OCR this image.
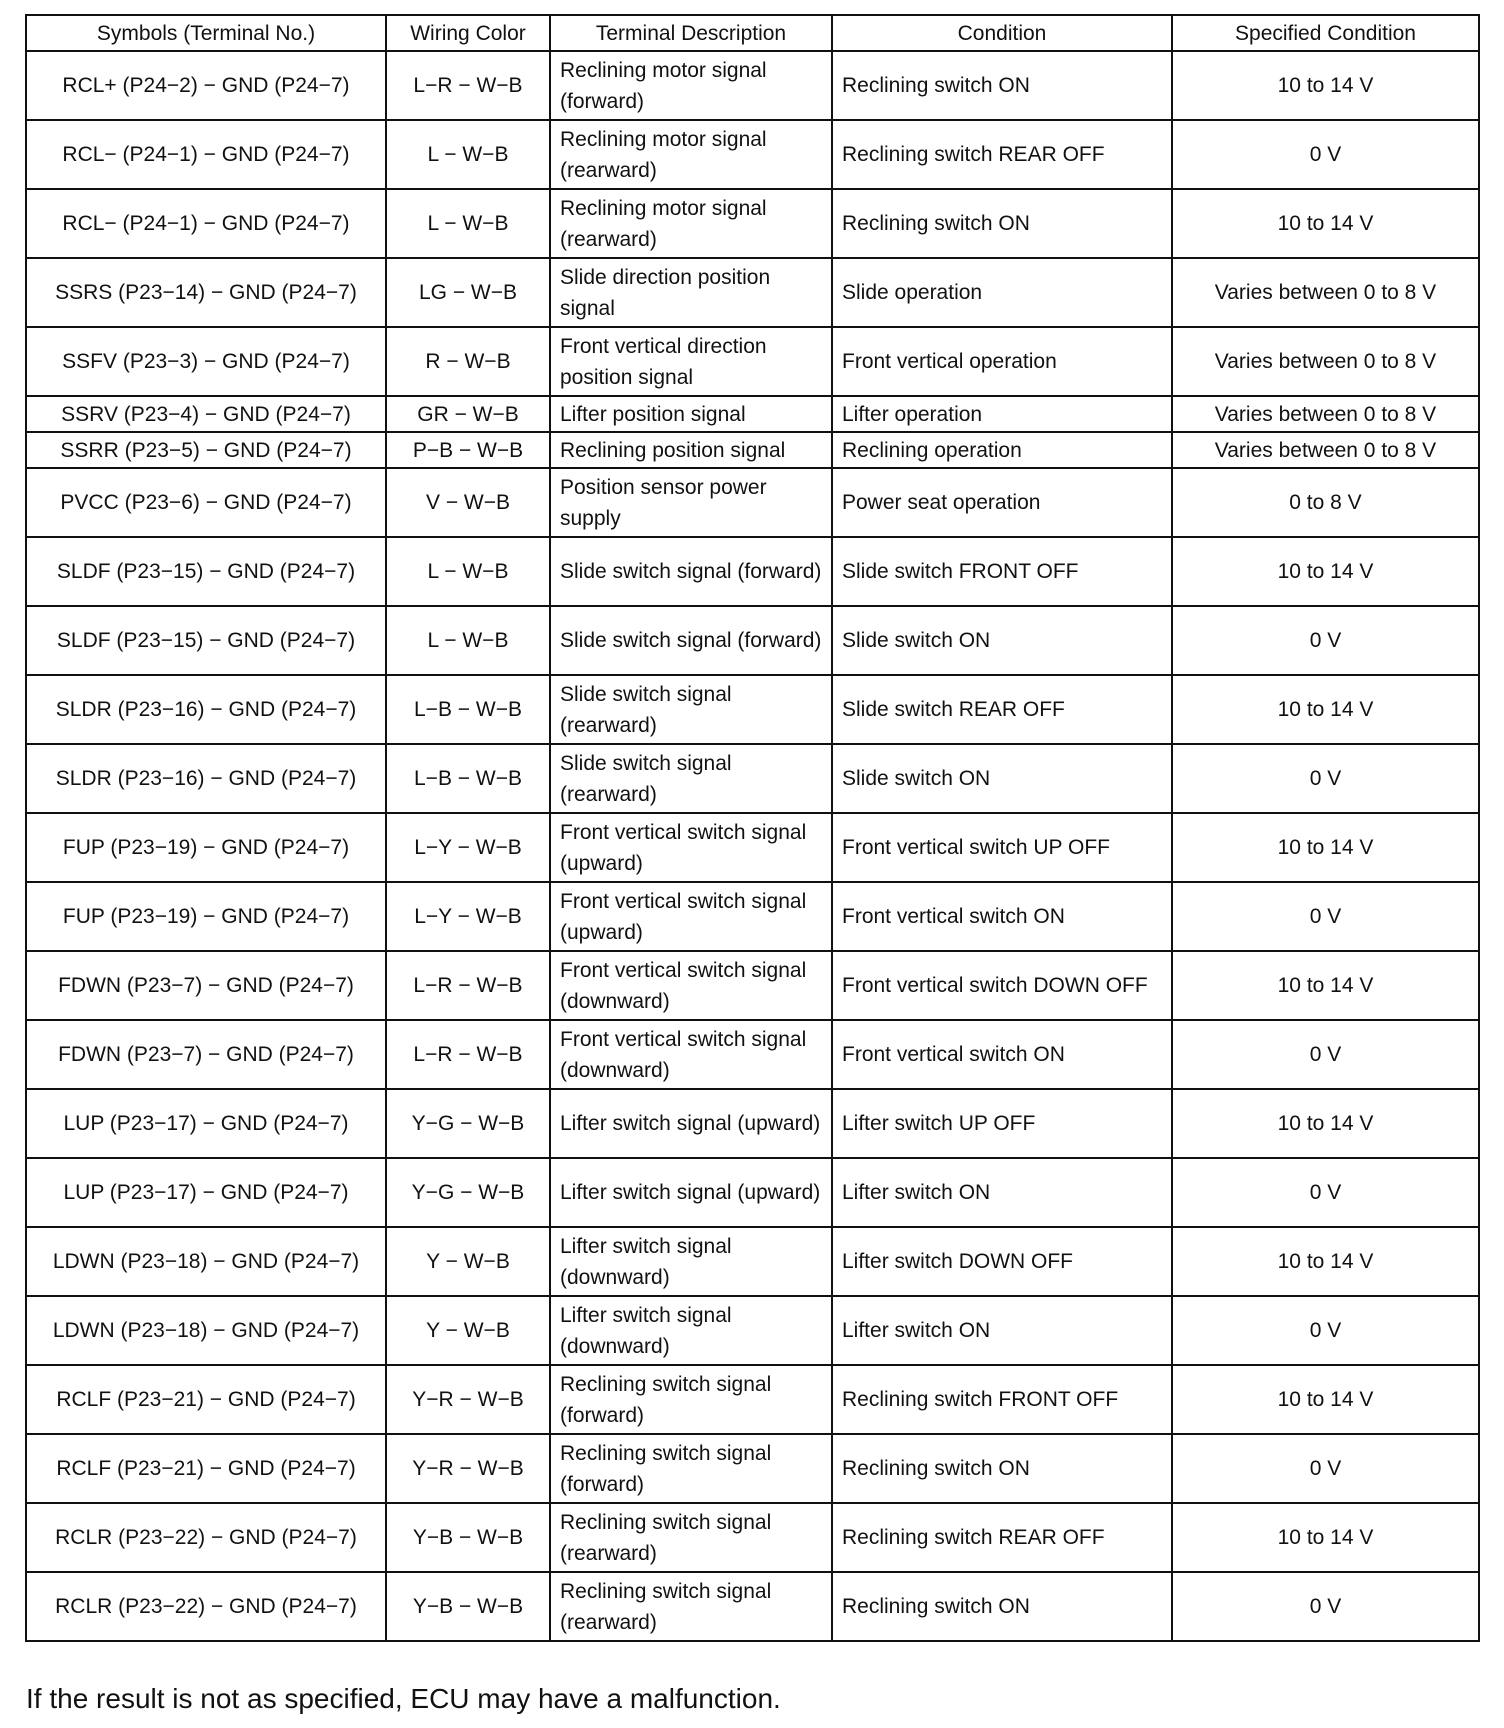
Symbols (Terminal No.)	Wiring Color	Terminal Description	Condition	Specified Condition
RCL+ (P24−2) − GND (P24−7)	L−R − W−B	Reclining motor signal (forward)	Reclining switch ON	10 to 14 V
RCL− (P24−1) − GND (P24−7)	L − W−B	Reclining motor signal (rearward)	Reclining switch REAR OFF	0 V
RCL− (P24−1) − GND (P24−7)	L − W−B	Reclining motor signal (rearward)	Reclining switch ON	10 to 14 V
SSRS (P23−14) − GND (P24−7)	LG − W−B	Slide direction position signal	Slide operation	Varies between 0 to 8 V
SSFV (P23−3) − GND (P24−7)	R − W−B	Front vertical direction position signal	Front vertical operation	Varies between 0 to 8 V
SSRV (P23−4) − GND (P24−7)	GR − W−B	Lifter position signal	Lifter operation	Varies between 0 to 8 V
SSRR (P23−5) − GND (P24−7)	P−B − W−B	Reclining position signal	Reclining operation	Varies between 0 to 8 V
PVCC (P23−6) − GND (P24−7)	V − W−B	Position sensor power supply	Power seat operation	0 to 8 V
SLDF (P23−15) − GND (P24−7)	L − W−B	Slide switch signal (forward)	Slide switch FRONT OFF	10 to 14 V
SLDF (P23−15) − GND (P24−7)	L − W−B	Slide switch signal (forward)	Slide switch ON	0 V
SLDR (P23−16) − GND (P24−7)	L−B − W−B	Slide switch signal (rearward)	Slide switch REAR OFF	10 to 14 V
SLDR (P23−16) − GND (P24−7)	L−B − W−B	Slide switch signal (rearward)	Slide switch ON	0 V
FUP (P23−19) − GND (P24−7)	L−Y − W−B	Front vertical switch signal (upward)	Front vertical switch UP OFF	10 to 14 V
FUP (P23−19) − GND (P24−7)	L−Y − W−B	Front vertical switch signal (upward)	Front vertical switch ON	0 V
FDWN (P23−7) − GND (P24−7)	L−R − W−B	Front vertical switch signal (downward)	Front vertical switch DOWN OFF	10 to 14 V
FDWN (P23−7) − GND (P24−7)	L−R − W−B	Front vertical switch signal (downward)	Front vertical switch ON	0 V
LUP (P23−17) − GND (P24−7)	Y−G − W−B	Lifter switch signal (upward)	Lifter switch UP OFF	10 to 14 V
LUP (P23−17) − GND (P24−7)	Y−G − W−B	Lifter switch signal (upward)	Lifter switch ON	0 V
LDWN (P23−18) − GND (P24−7)	Y − W−B	Lifter switch signal (downward)	Lifter switch DOWN OFF	10 to 14 V
LDWN (P23−18) − GND (P24−7)	Y − W−B	Lifter switch signal (downward)	Lifter switch ON	0 V
RCLF (P23−21) − GND (P24−7)	Y−R − W−B	Reclining switch signal (forward)	Reclining switch FRONT OFF	10 to 14 V
RCLF (P23−21) − GND (P24−7)	Y−R − W−B	Reclining switch signal (forward)	Reclining switch ON	0 V
RCLR (P23−22) − GND (P24−7)	Y−B − W−B	Reclining switch signal (rearward)	Reclining switch REAR OFF	10 to 14 V
RCLR (P23−22) − GND (P24−7)	Y−B − W−B	Reclining switch signal (rearward)	Reclining switch ON	0 V
If the result is not as specified, ECU may have a malfunction.
